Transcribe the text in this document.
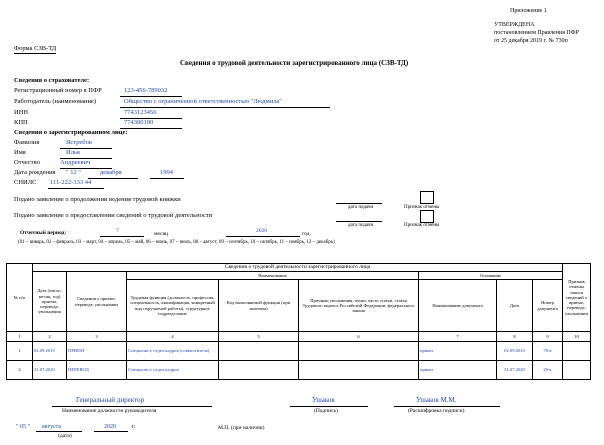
Приложение 1
УТВЕРЖДЕНА
постановлением Правления ПФР
от 25 декабря 2019 г. № 730п
Форма СЗВ-ТД
Сведения о трудовой деятельности зарегистрированного лица (СЗВ-ТД)
Сведения о страхователе:
Регистрационный номер в ПФР	123-456-789032
Работодатель (наименование)	Общество с ограниченной ответственностью "Людмила"
ИНН	7743123456
КПП	774300100
Сведения о зарегистрированном лице:
Фамилия	Ястребов
Имя	Илья
Отчество	Андреевич
Дата рождения " 12 "	декабря	1994
СНИЛС 111-222-333 44
Подано заявление о продолжении ведения трудовой книжки
дата подачи	Признак отмены
Подано заявление о предоставлении сведений о трудовой деятельности
дата подачи	Признак отмены
Отчетный период:	7	месяц	2020	год
(01 – январь, 02 – февраль, 03 – март, 04 – апрель, 05 – май, 06 – июнь, 07 – июль, 08 – август, 09 – сентябрь, 10 – октябрь, 11 – ноябрь, 12 – декабрь)
№ п/п	Сведения о трудовой деятельности зарегистрированного лица								Признак отмены записи сведений о приеме, переводе, увольнении
	Дата (число, месяц, год) приема, перевода, увольнения	Сведения о приеме, переводе, увольнении	Наименование			Основание			
			Трудовая функция (должность, профессия, специальность, квалификация, конкретный вид поручаемой работы), структурное подразделение	Код выполняемой функции (при наличии)	Причины увольнения, пункт, часть статьи, статья Трудового кодекса Российской Федерации, федерального закона	Наименование документа	Дата	Номер документа	
1	2	3	4	5	6	7	8	9	10
1	02.09.2019	ПРИЕМ	Специалист, отдел кадров (совместитель)			приказ	02.09.2019	78-к	
2	31.07.2020	ПЕРЕВОД	Специалист, отдел кадров			приказ	31.07.2020	29-к	
Генеральный директор
Наименование должности руководителя
Ушаков
(Подпись)
Ушаков М.М.
(Расшифровка подписи)
" 05 " августа	2020	г.
(дата)
М.П. (при наличии)
